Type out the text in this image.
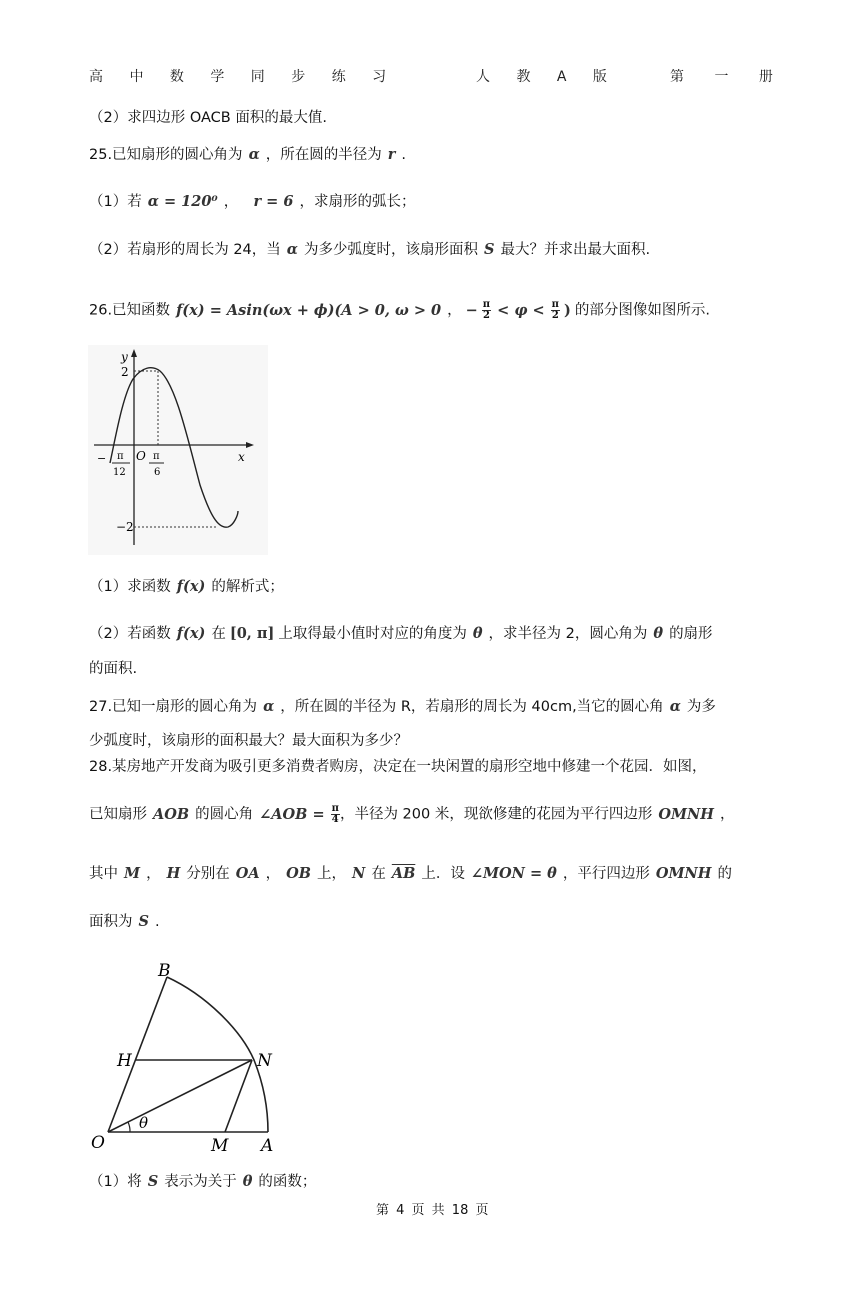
高 中 数 学 同 步 练 习	人 教 A 版	第 一 册
（2）求四边形 OACB 面积的最大值.
25.已知扇形的圆心角为 α ，所在圆的半径为 r .
（1）若 α = 120⁰ ， r = 6 ，求扇形的弧长；
（2）若扇形的周长为 24，当 α 为多少弧度时，该扇形面积 S 最大？并求出最大面积.
26.已知函数 f(x) = Asin(ωx + ϕ)(A > 0, ω > 0 ， − $\frac{\pi}{2} < \varphi < \frac{\pi}{2}$ ) 的部分图像如图所示.
y
x
2
−2
O
− π
12
π
6
（1）求函数 f(x) 的解析式；
（2）若函数 f(x) 在 [0, π] 上取得最小值时对应的角度为 θ ，求半径为 2，圆心角为 θ 的扇形
的面积.
27.已知一扇形的圆心角为 α ，所在圆的半径为 R，若扇形的周长为 40cm,当它的圆心角 α 为多
少弧度时，该扇形的面积最大？最大面积为多少？
28.某房地产开发商为吸引更多消费者购房，决定在一块闲置的扇形空地中修建一个花园．如图，
已知扇形 AOB 的圆心角 ∠AOB = $\frac{\pi}{4}$ ，半径为 200 米，现欲修建的花园为平行四边形 OMNH ，
其中 M ， H 分别在 OA ， OB 上， N 在 $\overline{AB}$ 上．设 ∠MON = θ ，平行四边形 OMNH 的
面积为 S .
B
H	N
O	M A
θ
（1）将 S 表示为关于 θ 的函数；
第 4 页 共 18 页
